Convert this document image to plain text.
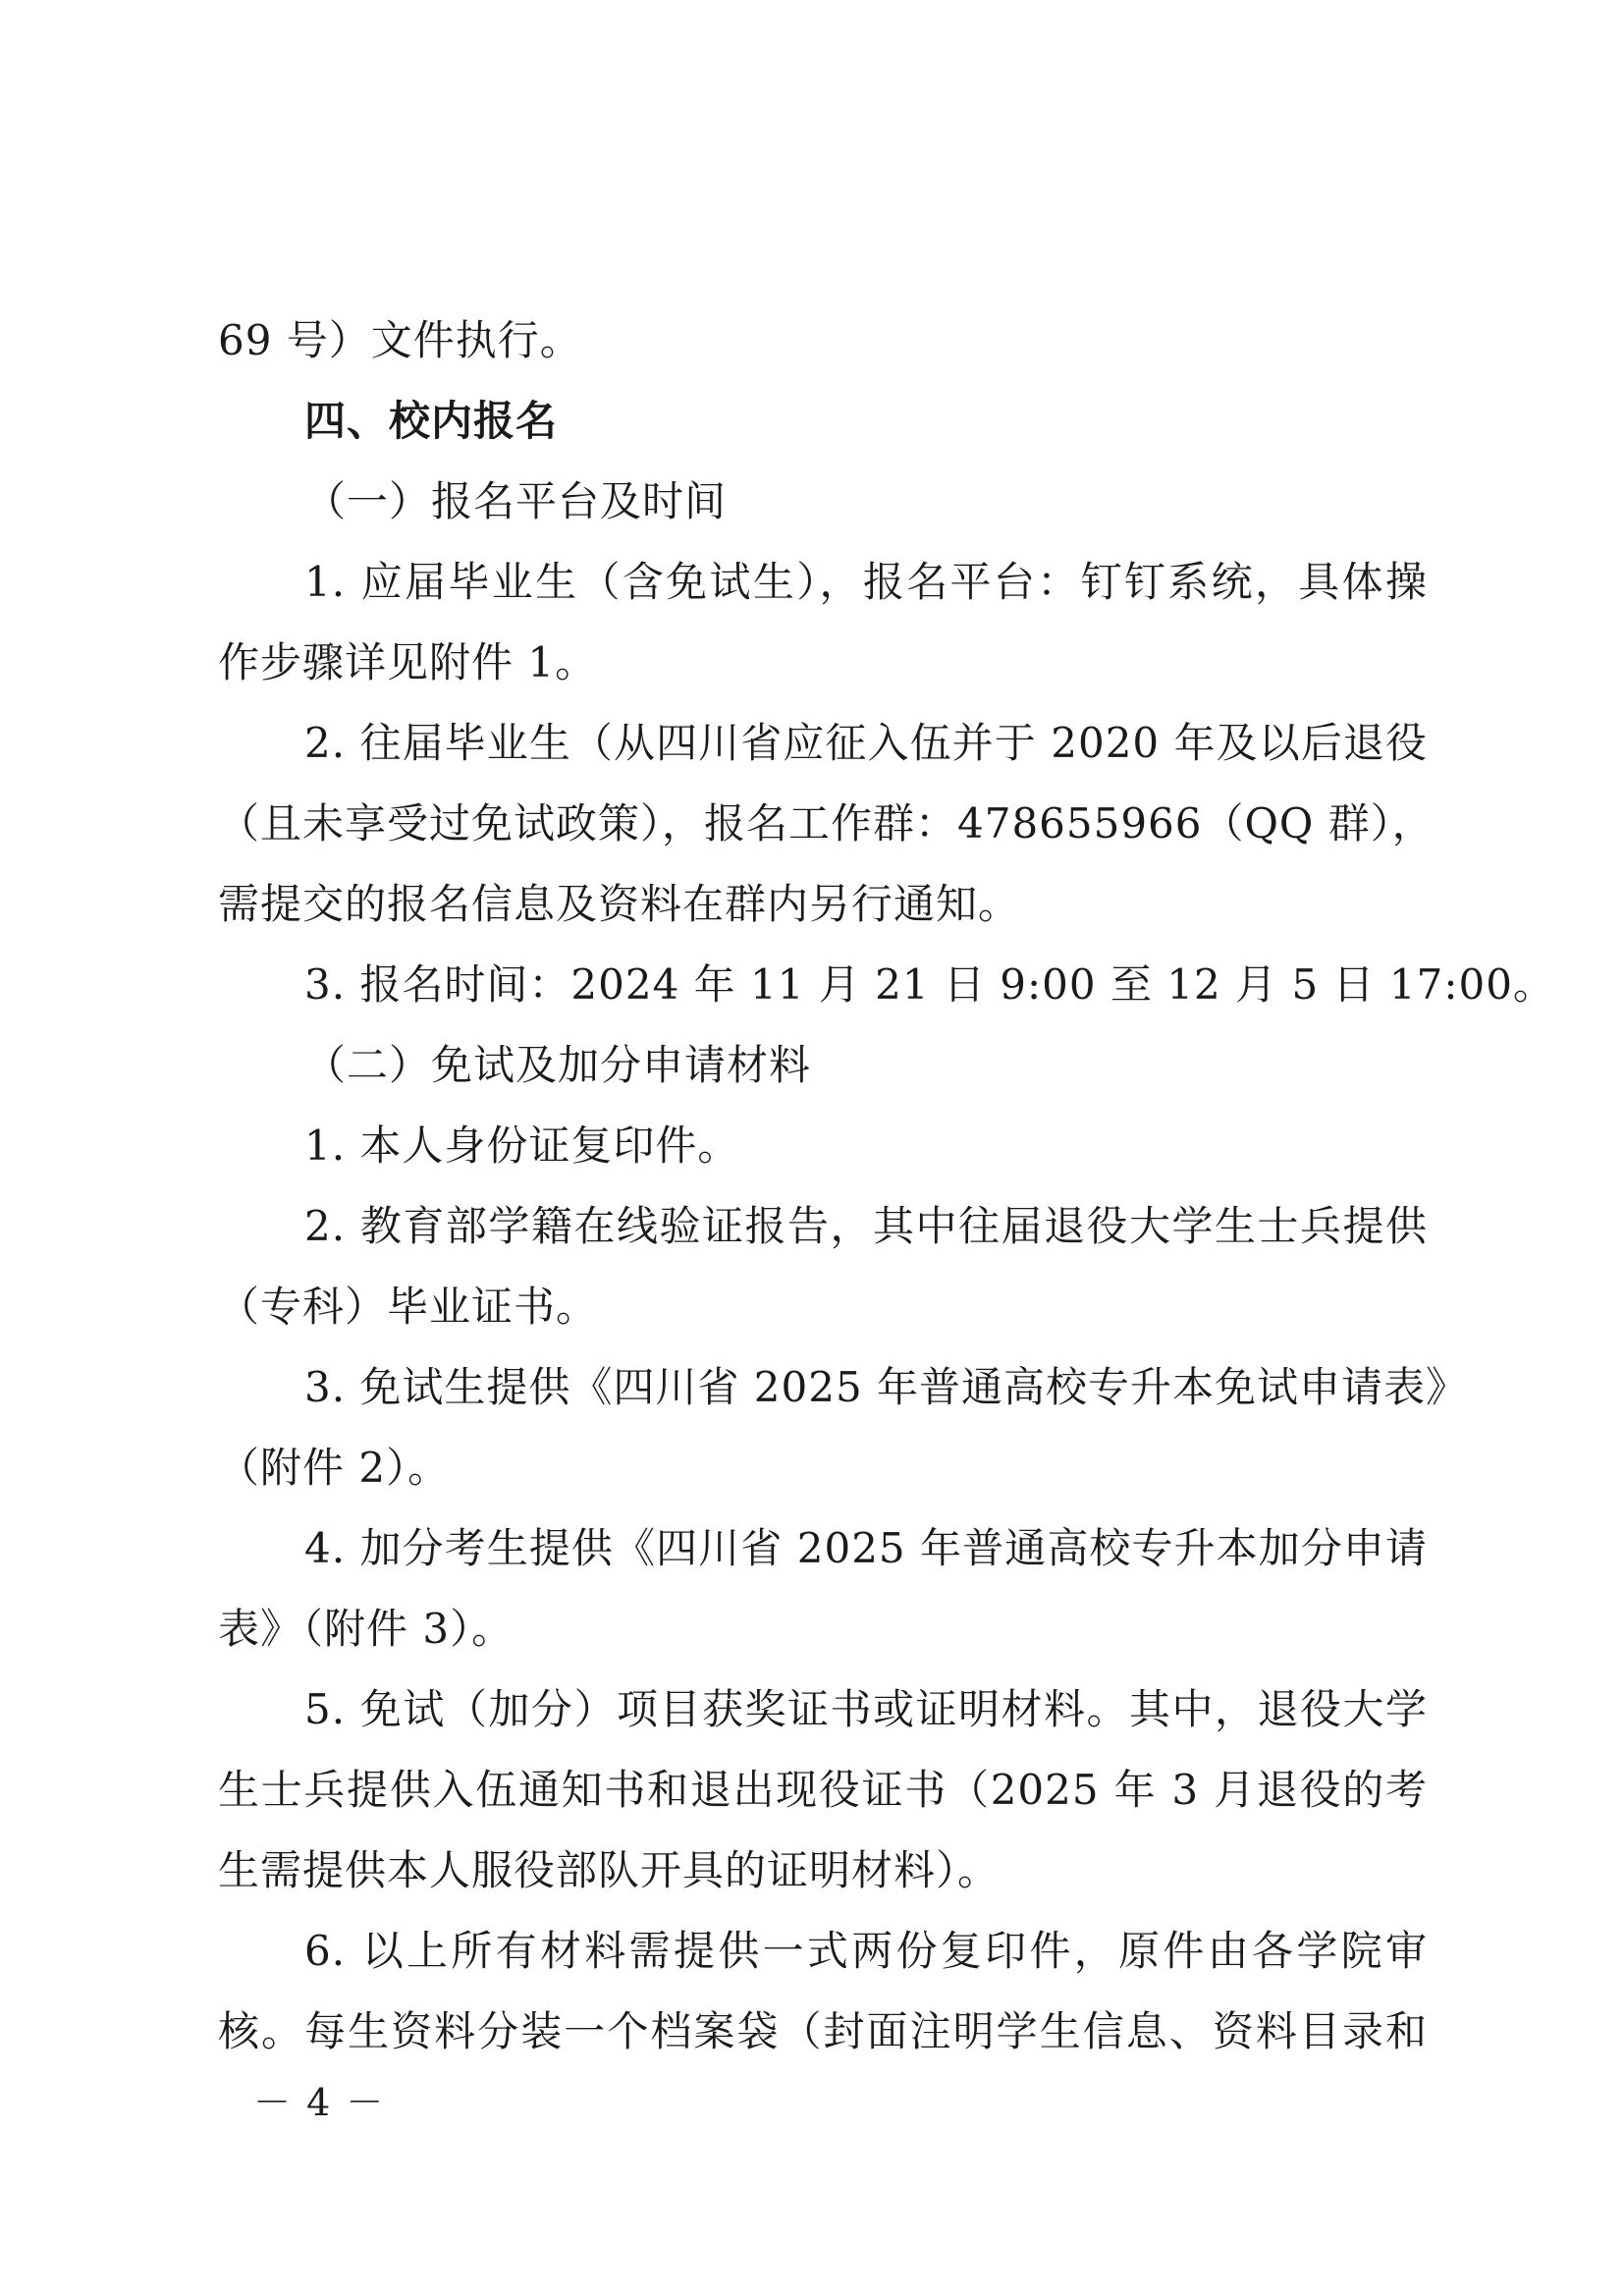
69 号）文件执行。
四、校内报名
（一）报名平台及时间
1. 应届毕业生（含免试生），报名平台：钉钉系统，具体操
作步骤详见附件 1。
2. 往届毕业生（从四川省应征入伍并于 2020 年及以后退役
（且未享受过免试政策），报名工作群：478655966（QQ 群），
需提交的报名信息及资料在群内另行通知。
3. 报名时间：2024 年 11 月 21 日 9:00 至 12 月 5 日 17:00。
（二）免试及加分申请材料
1. 本人身份证复印件。
2. 教育部学籍在线验证报告，其中往届退役大学生士兵提供
（专科）毕业证书。
3. 免试生提供《四川省 2025 年普通高校专升本免试申请表》
（附件 2）。
4. 加分考生提供《四川省 2025 年普通高校专升本加分申请
表》（附件 3）。
5. 免试（加分）项目获奖证书或证明材料。其中，退役大学
生士兵提供入伍通知书和退出现役证书（2025 年 3 月退役的考
生需提供本人服役部队开具的证明材料）。
6. 以上所有材料需提供一式两份复印件，原件由各学院审
核。每生资料分装一个档案袋（封面注明学生信息、资料目录和
－ 4 －
